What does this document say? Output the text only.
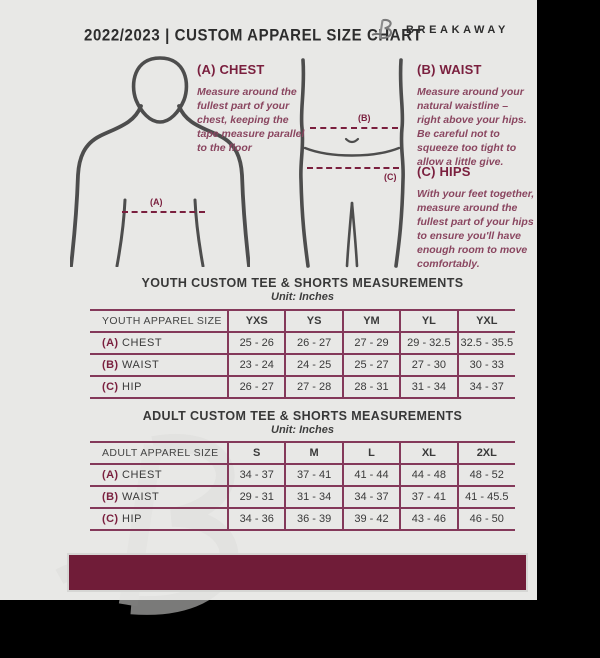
2022/2023 | CUSTOM APPAREL SIZE CHART
BREAKAWAY
(A)
(B)
(C)
(A) CHEST

Measure around the fullest part of your chest, keeping the tape measure parallel to the floor

(B) WAIST

Measure around your natural waistline – right above your hips. Be careful not to squeeze too tight to allow a little give.

(C) HIPS

With your feet together, measure around the fullest part of your hips to ensure you'll have enough room to move comfortably.

YOUTH CUSTOM TEE & SHORTS MEASUREMENTS
Unit: Inches
YOUTH APPAREL SIZE	YXS	YS	YM	YL	YXL
(A) CHEST	25 - 26	26 - 27	27 - 29	29 - 32.5	32.5 - 35.5
(B) WAIST	23 - 24	24 - 25	25 - 27	27 - 30	30 - 33
(C) HIP	26 - 27	27 - 28	28 - 31	31 - 34	34 - 37
ADULT CUSTOM TEE & SHORTS MEASUREMENTS
Unit: Inches
ADULT APPAREL SIZE	S	M	L	XL	2XL
(A) CHEST	34 - 37	37 - 41	41 - 44	44 - 48	48 - 52
(B) WAIST	29 - 31	31 - 34	34 - 37	37 - 41	41 - 45.5
(C) HIP	34 - 36	36 - 39	39 - 42	43 - 46	46 - 50
